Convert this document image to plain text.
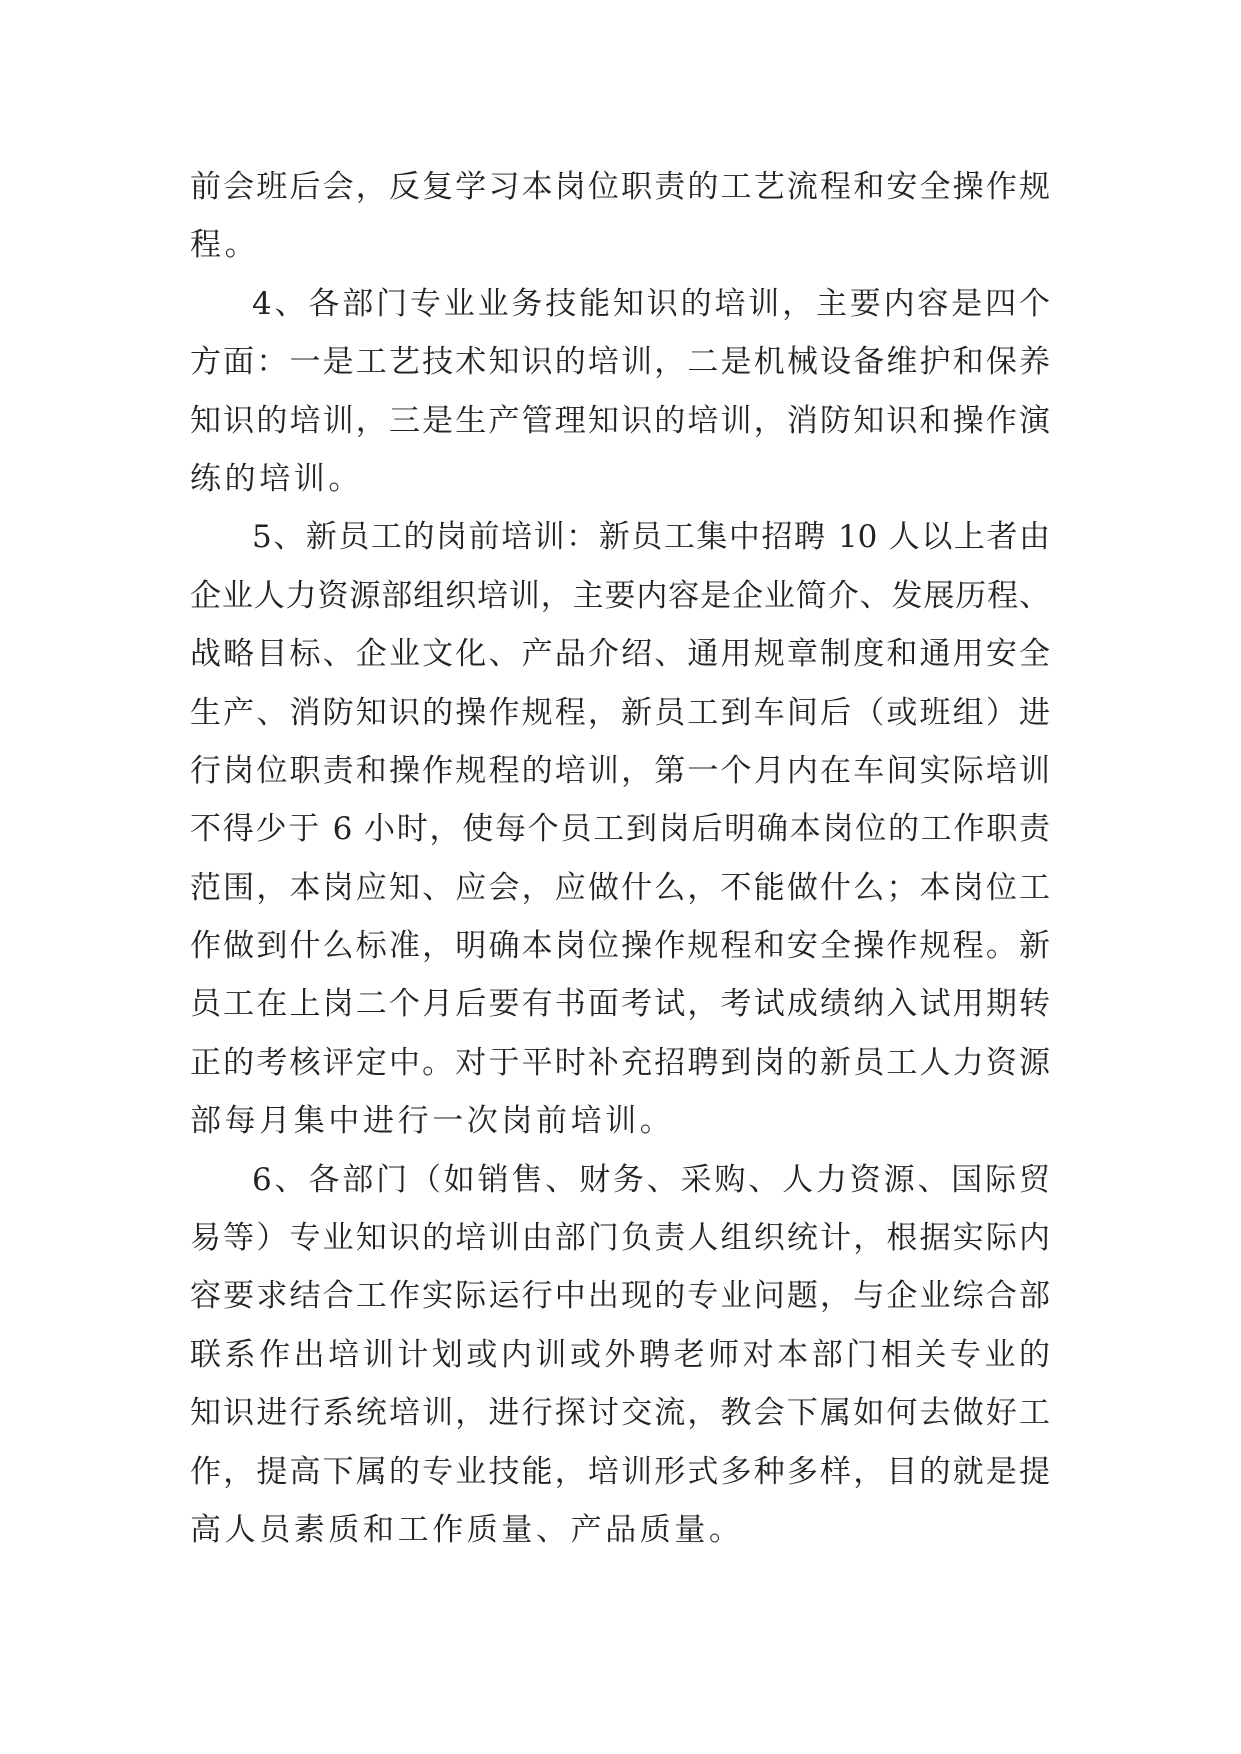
前会班后会，反复学习本岗位职责的工艺流程和安全操作规
程。
4、各部门专业业务技能知识的培训，主要内容是四个
方面：一是工艺技术知识的培训，二是机械设备维护和保养
知识的培训，三是生产管理知识的培训，消防知识和操作演
练的培训。
5、新员工的岗前培训：新员工集中招聘 10 人以上者由
企业人力资源部组织培训，主要内容是企业简介、发展历程、
战略目标、企业文化、产品介绍、通用规章制度和通用安全
生产、消防知识的操作规程，新员工到车间后（或班组）进
行岗位职责和操作规程的培训，第一个月内在车间实际培训
不得少于 6 小时，使每个员工到岗后明确本岗位的工作职责
范围，本岗应知、应会，应做什么，不能做什么；本岗位工
作做到什么标准，明确本岗位操作规程和安全操作规程。新
员工在上岗二个月后要有书面考试，考试成绩纳入试用期转
正的考核评定中。对于平时补充招聘到岗的新员工人力资源
部每月集中进行一次岗前培训。
6、各部门（如销售、财务、采购、人力资源、国际贸
易等）专业知识的培训由部门负责人组织统计，根据实际内
容要求结合工作实际运行中出现的专业问题，与企业综合部
联系作出培训计划或内训或外聘老师对本部门相关专业的
知识进行系统培训，进行探讨交流，教会下属如何去做好工
作，提高下属的专业技能，培训形式多种多样，目的就是提
高人员素质和工作质量、产品质量。
